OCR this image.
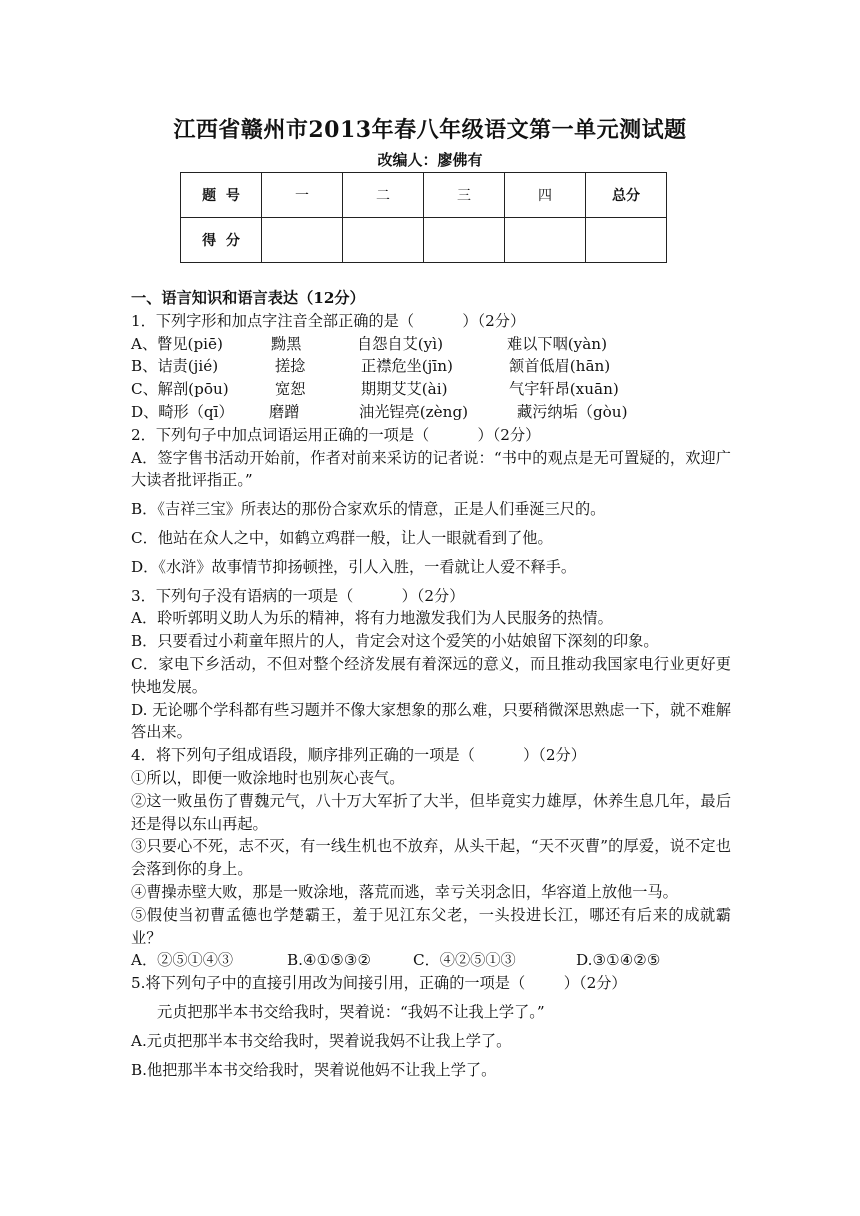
江西省赣州市2013年春八年级语文第一单元测试题
改编人：廖佛有
题  号	一	二	三	四	总分
得  分					
一、语言知识和语言表达（12分）
1．下列字形和加点字注音全部正确的是（          ）（2分）
A、瞥见(piē)	黝黑	自怨自艾(yì)	难以下咽(yàn)
B、诘责(jié)	搓捻	正襟危坐(jīn)	颔首低眉(hān)
C、解剖(pōu)	宽恕	期期艾艾(ài)	气宇轩昂(xuān)
D、畸形（qī） 磨蹭	油光锃亮(zèng)	藏污纳垢（gòu)
2．下列句子中加点词语运用正确的一项是（          ）（2分）
A．签字售书活动开始前，作者对前来采访的记者说：“书中的观点是无可置疑的，欢迎广大读者批评指正。”
B．《吉祥三宝》所表达的那份合家欢乐的情意，正是人们垂涎三尺的。
C．他站在众人之中，如鹤立鸡群一般，让人一眼就看到了他。
D．《水浒》故事情节抑扬顿挫，引人入胜，一看就让人爱不释手。
3．下列句子没有语病的一项是（          ）（2分）
A．聆听郭明义助人为乐的精神，将有力地激发我们为人民服务的热情。
B．只要看过小莉童年照片的人，肯定会对这个爱笑的小姑娘留下深刻的印象。
C．家电下乡活动，不但对整个经济发展有着深远的意义，而且推动我国家电行业更好更快地发展。
D. 无论哪个学科都有些习题并不像大家想象的那么难，只要稍微深思熟虑一下，就不难解答出来。
4．将下列句子组成语段，顺序排列正确的一项是（          ）（2分）
①所以，即便一败涂地时也别灰心丧气。
②这一败虽伤了曹魏元气，八十万大军折了大半，但毕竟实力雄厚，休养生息几年，最后还是得以东山再起。
③只要心不死，志不灭，有一线生机也不放弃，从头干起，“天不灭曹”的厚爱，说不定也会落到你的身上。
④曹操赤壁大败，那是一败涂地，落荒而逃，幸亏关羽念旧，华容道上放他一马。
⑤假使当初曹孟德也学楚霸王，羞于见江东父老，一头投进长江，哪还有后来的成就霸业？
A．②⑤①④③	B.④①⑤③②	C．④②⑤①③	D.③①④②⑤
5.将下列句子中的直接引用改为间接引用，正确的一项是（        ）（2分）
元贞把那半本书交给我时，哭着说：“我妈不让我上学了。”
A.元贞把那半本书交给我时，哭着说我妈不让我上学了。
B.他把那半本书交给我时，哭着说他妈不让我上学了。
